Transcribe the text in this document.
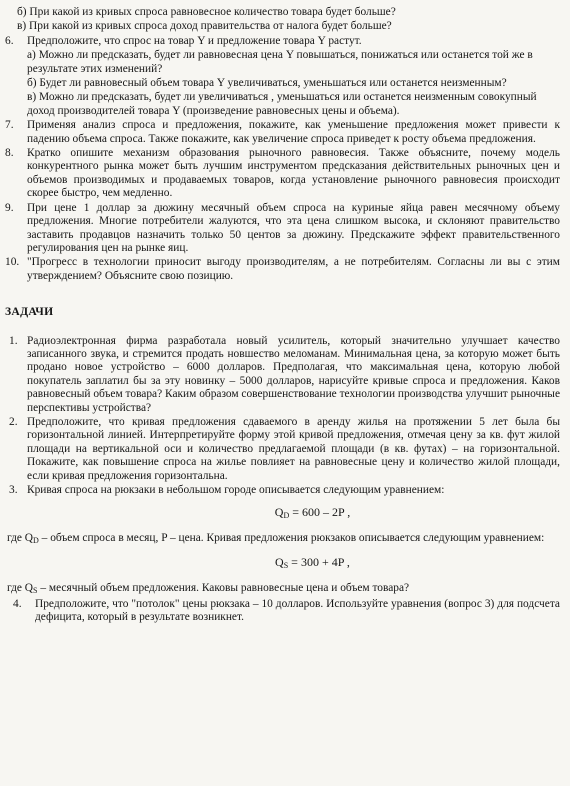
б) При какой из кривых спроса равновесное количество товара будет больше?

в) При какой из кривых спроса доход правительства от налога будет больше?

6. Предположите, что спрос на товар Y и предложение товара Y растут.

а) Можно ли предсказать, будет ли равновесная цена Y повышаться, понижаться или останется той же в результате этих изменений?

б) Будет ли равновесный объем товара Y увеличиваться, уменьшаться или останется неизменным?

в) Можно ли предсказать, будет ли увеличиваться , уменьшаться или останется неизменным совокупный доход производителей товара Y (произведение равновесных цены и объема).

7. Применяя анализ спроса и предложения, покажите, как уменьшение предложения может привести к падению объема спроса. Также покажите, как увеличение спроса приведет к росту объема предложения.
8. Кратко опишите механизм образования рыночного равновесия. Также объясните, почему модель конкурентного рынка может быть лучшим инструментом предсказания действительных рыночных цен и объемов производимых и продаваемых товаров, когда установление рыночного равновесия происходит скорее быстро, чем медленно.
9. При цене 1 доллар за дюжину месячный объем спроса на куриные яйца равен месячному объему предложения. Многие потребители жалуются, что эта цена слишком высока, и склоняют правительство заставить продавцов назначить только 50 центов за дюжину. Предскажите эффект правительственного регулирования цен на рынке яиц.
10. "Прогресс в технологии приносит выгоду производителям, а не потребителям. Согласны ли вы с этим утверждением? Объясните свою позицию.
ЗАДАЧИ
1. Радиоэлектронная фирма разработала новый усилитель, который значительно улучшает качество записанного звука, и стремится продать новшество меломанам. Минимальная цена, за которую может быть продано новое устройство – 6000 долларов. Предполагая, что максимальная цена, которую любой покупатель заплатил бы за эту новинку – 5000 долларов, нарисуйте кривые спроса и предложения. Каков равновесный объем товара? Каким образом совершенствование технологии производства улучшит рыночные перспективы устройства?
2. Предположите, что кривая предложения сдаваемого в аренду жилья на протяжении 5 лет была бы горизонтальной линией. Интерпретируйте форму этой кривой предложения, отмечая цену за кв. фут жилой площади на вертикальной оси и количество предлагаемой площади (в кв. футах) – на горизонтальной. Покажите, как повышение спроса на жилье повлияет на равновесные цену и количество жилой площади, если кривая предложения горизонтальна.
3. Кривая спроса на рюкзаки в небольшом городе описывается следующим уравнением:
$Q_D = 600 - 2P$ ,

где $Q_D$ – объем спроса в месяц, P – цена. Кривая предложения рюкзаков описывается следующим уравнением:

$Q_S = 300 + 4P$ ,

где $Q_S$ – месячный объем предложения. Каковы равновесные цена и объем товара?

4. Предположите, что "потолок" цены рюкзака – 10 долларов. Используйте уравнения (вопрос 3) для подсчета дефицита, который в результате возникнет.
